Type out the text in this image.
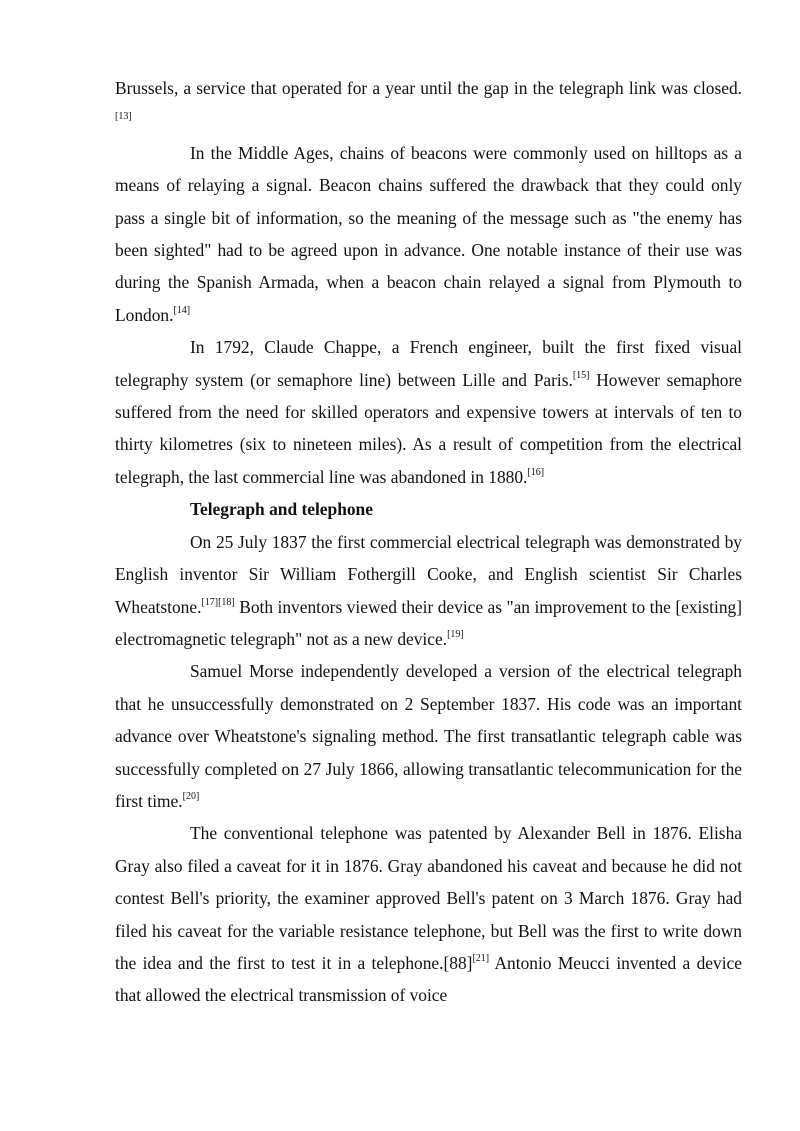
Brussels, a service that operated for a year until the gap in the telegraph link was closed.[13]

In the Middle Ages, chains of beacons were commonly used on hilltops as a means of relaying a signal. Beacon chains suffered the drawback that they could only pass a single bit of information, so the meaning of the message such as "the enemy has been sighted" had to be agreed upon in advance. One notable instance of their use was during the Spanish Armada, when a beacon chain relayed a signal from Plymouth to London.[14]

In 1792, Claude Chappe, a French engineer, built the first fixed visual telegraphy system (or semaphore line) between Lille and Paris.[15] However semaphore suffered from the need for skilled operators and expensive towers at intervals of ten to thirty kilometres (six to nineteen miles). As a result of competition from the electrical telegraph, the last commercial line was abandoned in 1880.[16]

Telegraph and telephone

On 25 July 1837 the first commercial electrical telegraph was demonstrated by English inventor Sir William Fothergill Cooke, and English scientist Sir Charles Wheatstone.[17][18] Both inventors viewed their device as "an improvement to the [existing] electromagnetic telegraph" not as a new device.[19]

Samuel Morse independently developed a version of the electrical telegraph that he unsuccessfully demonstrated on 2 September 1837. His code was an important advance over Wheatstone's signaling method. The first transatlantic telegraph cable was successfully completed on 27 July 1866, allowing transatlantic telecommunication for the first time.[20]

The conventional telephone was patented by Alexander Bell in 1876. Elisha Gray also filed a caveat for it in 1876. Gray abandoned his caveat and because he did not contest Bell's priority, the examiner approved Bell's patent on 3 March 1876. Gray had filed his caveat for the variable resistance telephone, but Bell was the first to write down the idea and the first to test it in a telephone.[88][21] Antonio Meucci invented a device that allowed the electrical transmission of voice
